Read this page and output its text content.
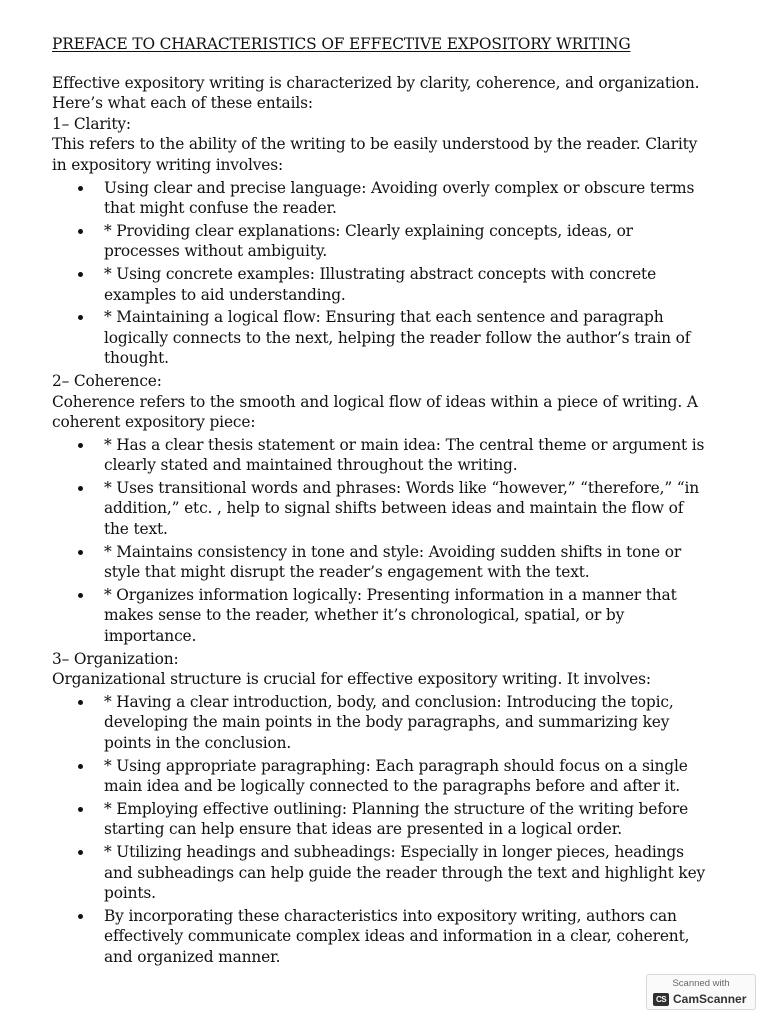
PREFACE TO CHARACTERISTICS OF EFFECTIVE EXPOSITORY WRITING

Effective expository writing is characterized by clarity, coherence, and organization. Here’s what each of these entails:

1– Clarity:

This refers to the ability of the writing to be easily understood by the reader. Clarity in expository writing involves:

Using clear and precise language: Avoiding overly complex or obscure terms that might confuse the reader.
* Providing clear explanations: Clearly explaining concepts, ideas, or processes without ambiguity.
* Using concrete examples: Illustrating abstract concepts with concrete examples to aid understanding.
* Maintaining a logical flow: Ensuring that each sentence and paragraph logically connects to the next, helping the reader follow the author’s train of thought.

2– Coherence:

Coherence refers to the smooth and logical flow of ideas within a piece of writing. A coherent expository piece:

* Has a clear thesis statement or main idea: The central theme or argument is clearly stated and maintained throughout the writing.
* Uses transitional words and phrases: Words like “however,” “therefore,” “in addition,” etc. , help to signal shifts between ideas and maintain the flow of the text.
* Maintains consistency in tone and style: Avoiding sudden shifts in tone or style that might disrupt the reader’s engagement with the text.
* Organizes information logically: Presenting information in a manner that makes sense to the reader, whether it’s chronological, spatial, or by importance.

3– Organization:

Organizational structure is crucial for effective expository writing. It involves:

* Having a clear introduction, body, and conclusion: Introducing the topic, developing the main points in the body paragraphs, and summarizing key points in the conclusion.
* Using appropriate paragraphing: Each paragraph should focus on a single main idea and be logically connected to the paragraphs before and after it.
* Employing effective outlining: Planning the structure of the writing before starting can help ensure that ideas are presented in a logical order.
* Utilizing headings and subheadings: Especially in longer pieces, headings and subheadings can help guide the reader through the text and highlight key points.
By incorporating these characteristics into expository writing, authors can effectively communicate complex ideas and information in a clear, coherent, and organized manner.
Scanned with
CS CamScanner
